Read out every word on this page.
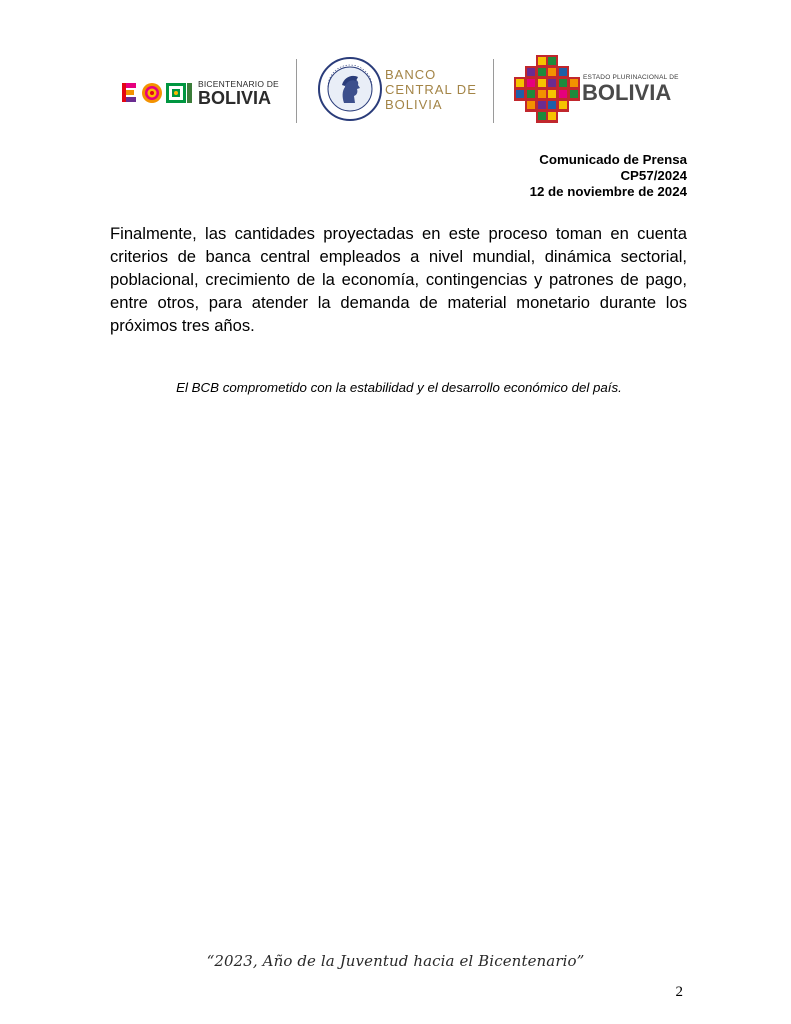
BICENTENARIO DE
BOLIVIA
BANCO
CENTRAL DE
BOLIVIA
ESTADO PLURINACIONAL DE
BOLIVIA
Comunicado de Prensa
CP57/2024
12 de noviembre de 2024

Finalmente, las cantidades proyectadas en este proceso toman en cuenta criterios de banca central empleados a nivel mundial, dinámica sectorial, poblacional, crecimiento de la economía, contingencias y patrones de pago, entre otros, para atender la demanda de material monetario durante los próximos tres años.

El BCB comprometido con la estabilidad y el desarrollo económico del país.
“2023, Año de la Juventud hacia el Bicentenario”
2
